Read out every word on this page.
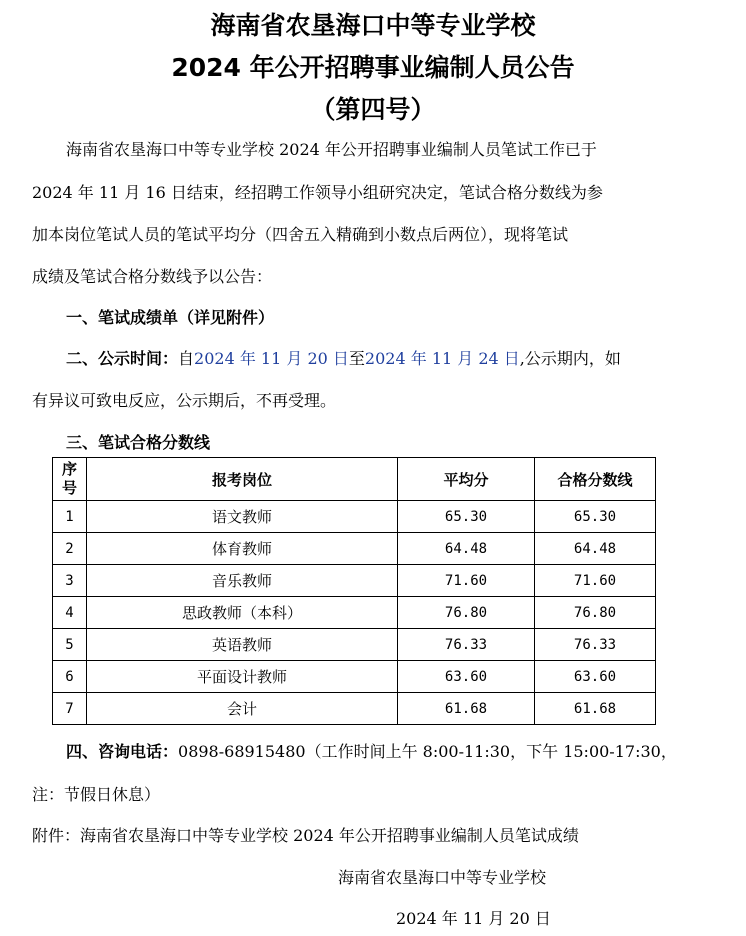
海南省农垦海口中等专业学校
2024 年公开招聘事业编制人员公告
（第四号）
海南省农垦海口中等专业学校 2024 年公开招聘事业编制人员笔试工作已于
2024 年 11 月 16 日结束，经招聘工作领导小组研究决定，笔试合格分数线为参
加本岗位笔试人员的笔试平均分（四舍五入精确到小数点后两位），现将笔试
成绩及笔试合格分数线予以公告：
一、笔试成绩单（详见附件）
二、公示时间：自2024 年 11 月 20 日至2024 年 11 月 24 日,公示期内，如
有异议可致电反应，公示期后，不再受理。
三、笔试合格分数线
序
号	报考岗位	平均分	合格分数线
1	语文教师	65.30	65.30
2	体育教师	64.48	64.48
3	音乐教师	71.60	71.60
4	思政教师（本科）	76.80	76.80
5	英语教师	76.33	76.33
6	平面设计教师	63.60	63.60
7	会计	61.68	61.68
四、咨询电话：0898-68915480（工作时间上午 8:00-11:30，下午 15:00-17:30，
注：节假日休息）
附件：海南省农垦海口中等专业学校 2024 年公开招聘事业编制人员笔试成绩
海南省农垦海口中等专业学校
2024 年 11 月 20 日
